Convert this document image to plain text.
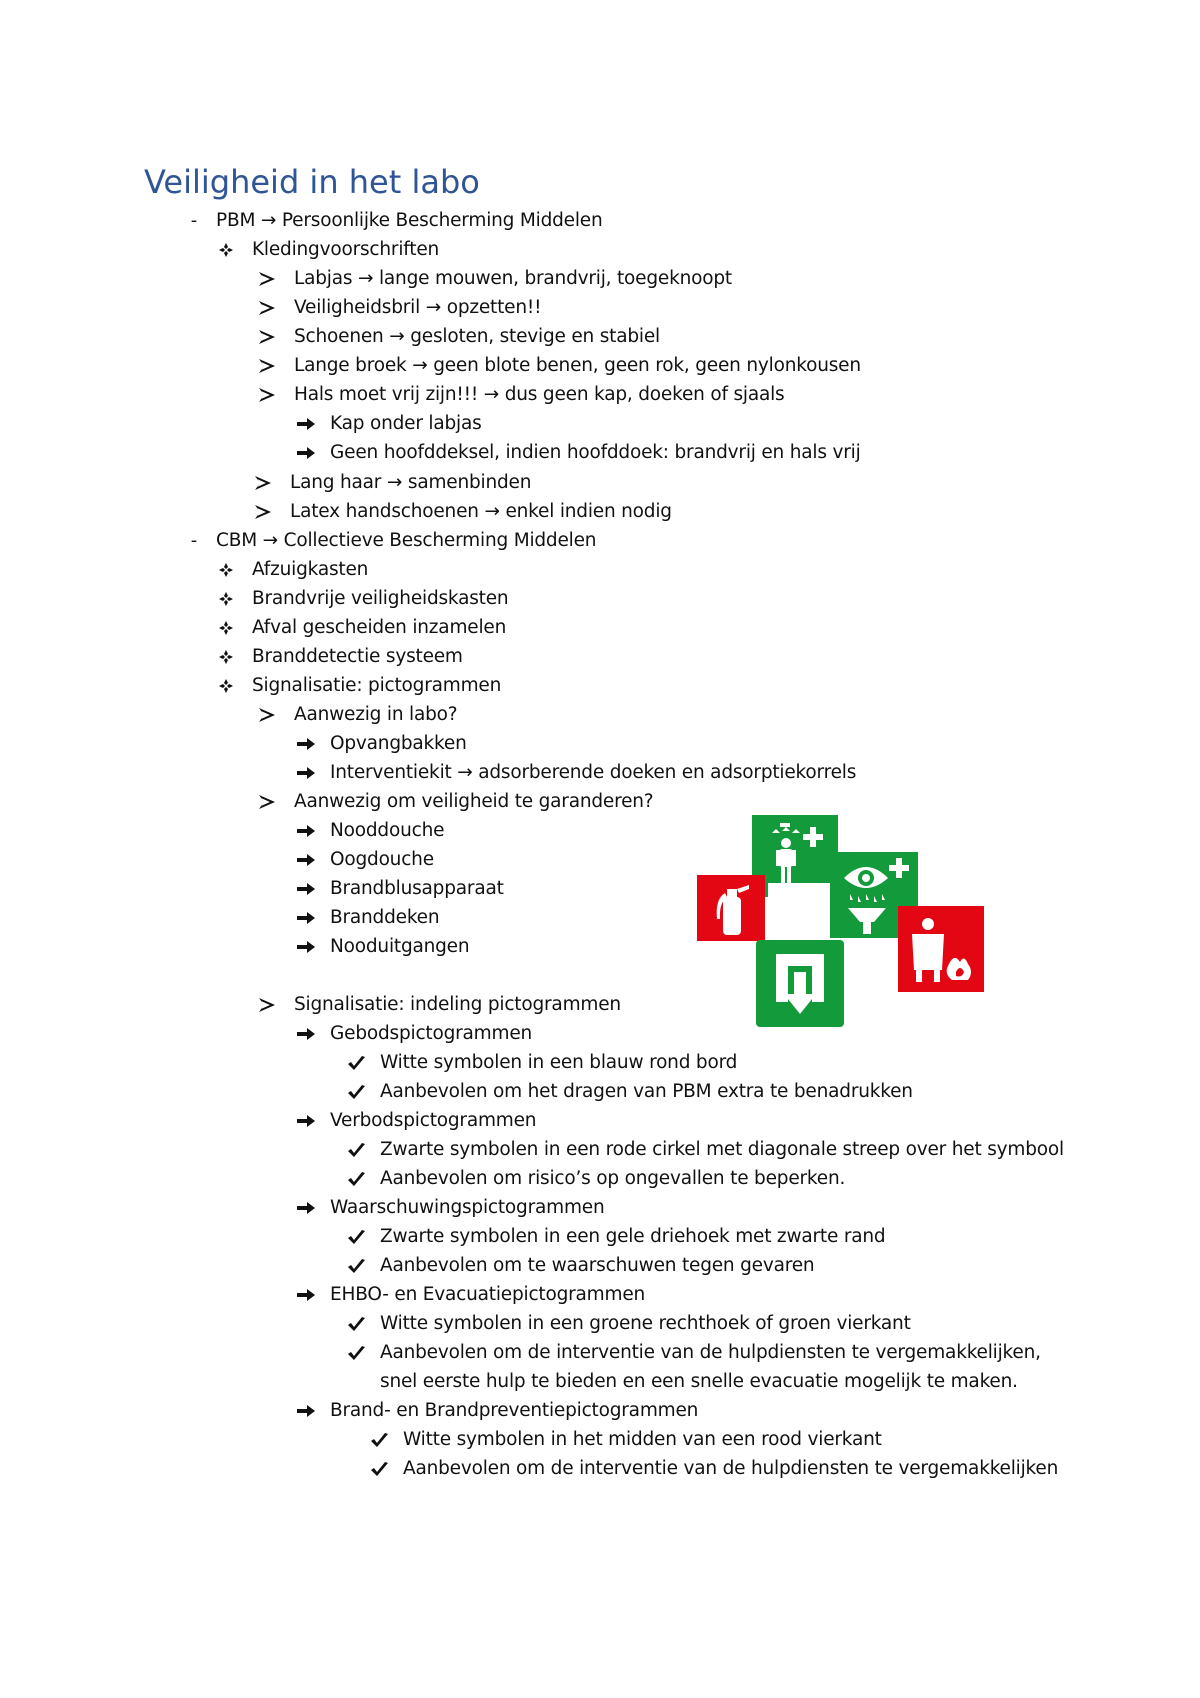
Veiligheid in het labo
-	PBM → Persoonlijke Bescherming Middelen
Kledingvoorschriften
Labjas → lange mouwen, brandvrij, toegeknoopt
Veiligheidsbril → opzetten!!
Schoenen → gesloten, stevige en stabiel
Lange broek → geen blote benen, geen rok, geen nylonkousen
Hals moet vrij zijn!!! → dus geen kap, doeken of sjaals
Kap onder labjas
Geen hoofddeksel, indien hoofddoek: brandvrij en hals vrij
Lang haar → samenbinden
Latex handschoenen → enkel indien nodig
-	CBM → Collectieve Bescherming Middelen
Afzuigkasten
Brandvrije veiligheidskasten
Afval gescheiden inzamelen
Branddetectie systeem
Signalisatie: pictogrammen
Aanwezig in labo?
Opvangbakken
Interventiekit → adsorberende doeken en adsorptiekorrels
Aanwezig om veiligheid te garanderen?
Nooddouche
Oogdouche
Brandblusapparaat
Branddeken
Nooduitgangen
Signalisatie: indeling pictogrammen
Gebodspictogrammen
Witte symbolen in een blauw rond bord
Aanbevolen om het dragen van PBM extra te benadrukken
Verbodspictogrammen
Zwarte symbolen in een rode cirkel met diagonale streep over het symbool
Aanbevolen om risico’s op ongevallen te beperken.
Waarschuwingspictogrammen
Zwarte symbolen in een gele driehoek met zwarte rand
Aanbevolen om te waarschuwen tegen gevaren
EHBO- en Evacuatiepictogrammen
Witte symbolen in een groene rechthoek of groen vierkant
Aanbevolen om de interventie van de hulpdiensten te vergemakkelijken,
snel eerste hulp te bieden en een snelle evacuatie mogelijk te maken.
Brand- en Brandpreventiepictogrammen
Witte symbolen in het midden van een rood vierkant
Aanbevolen om de interventie van de hulpdiensten te vergemakkelijken
